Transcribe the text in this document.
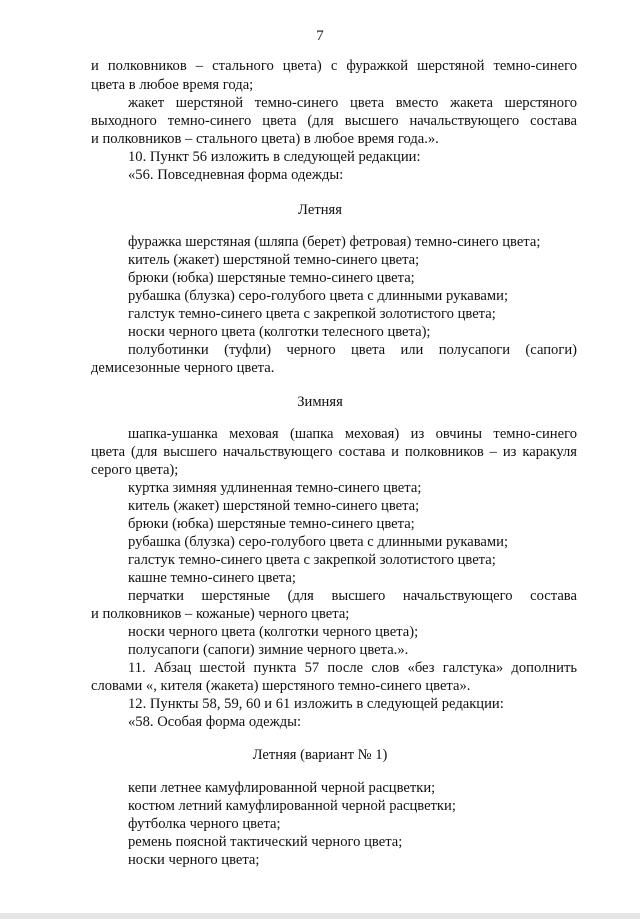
7
и полковников – стального цвета) с фуражкой шерстяной темно-синего
цвета в любое время года;
жакет шерстяной темно-синего цвета вместо жакета шерстяного
выходного темно-синего цвета (для высшего начальствующего состава
и полковников – стального цвета) в любое время года.».
10. Пункт 56 изложить в следующей редакции:
«56. Повседневная форма одежды:
Летняя
фуражка шерстяная (шляпа (берет) фетровая) темно-синего цвета;
китель (жакет) шерстяной темно-синего цвета;
брюки (юбка) шерстяные темно-синего цвета;
рубашка (блузка) серо-голубого цвета с длинными рукавами;
галстук темно-синего цвета с закрепкой золотистого цвета;
носки черного цвета (колготки телесного цвета);
полуботинки (туфли) черного цвета или полусапоги (сапоги)
демисезонные черного цвета.
Зимняя
шапка-ушанка меховая (шапка меховая) из овчины темно-синего
цвета (для высшего начальствующего состава и полковников – из каракуля
серого цвета);
куртка зимняя удлиненная темно-синего цвета;
китель (жакет) шерстяной темно-синего цвета;
брюки (юбка) шерстяные темно-синего цвета;
рубашка (блузка) серо-голубого цвета с длинными рукавами;
галстук темно-синего цвета с закрепкой золотистого цвета;
кашне темно-синего цвета;
перчатки шерстяные (для высшего начальствующего состава
и полковников – кожаные) черного цвета;
носки черного цвета (колготки черного цвета);
полусапоги (сапоги) зимние черного цвета.».
11. Абзац шестой пункта 57 после слов «без галстука» дополнить
словами «, кителя (жакета) шерстяного темно-синего цвета».
12. Пункты 58, 59, 60 и 61 изложить в следующей редакции:
«58. Особая форма одежды:
Летняя (вариант № 1)
кепи летнее камуфлированной черной расцветки;
костюм летний камуфлированной черной расцветки;
футболка черного цвета;
ремень поясной тактический черного цвета;
носки черного цвета;
